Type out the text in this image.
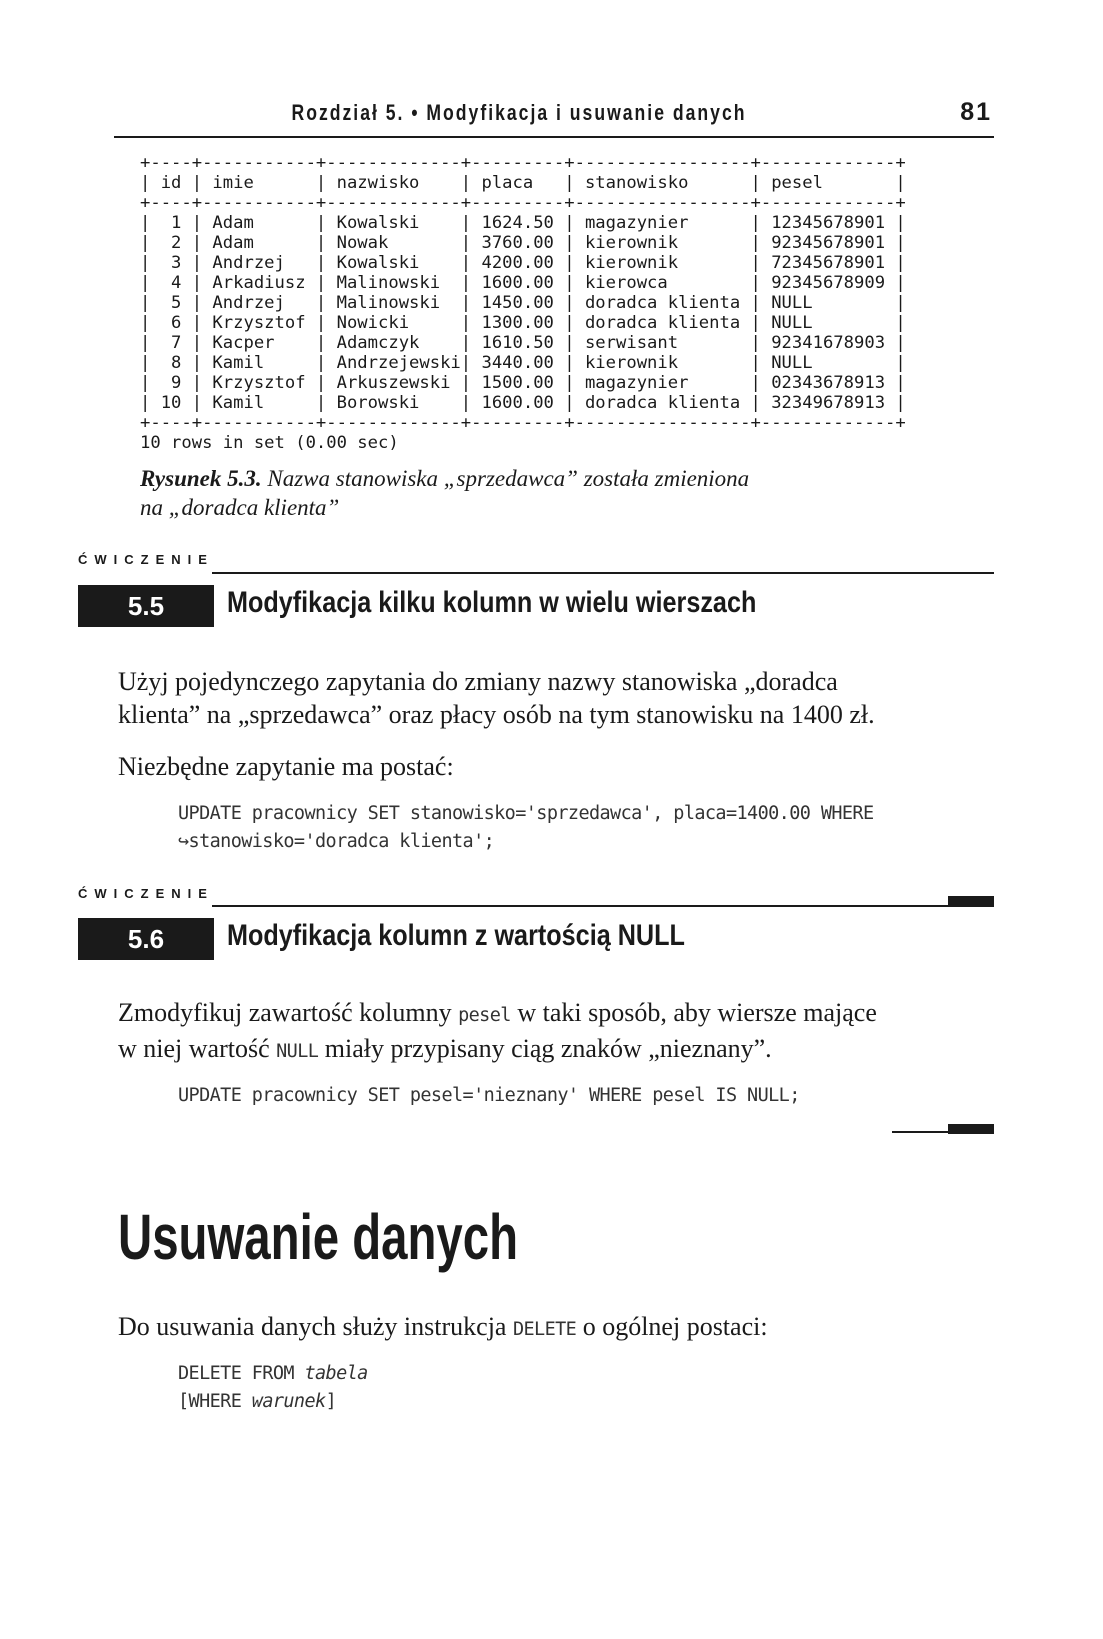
Rozdział 5. • Modyfikacja i usuwanie danych	81
+----+-----------+-------------+---------+-----------------+-------------+
| id | imie      | nazwisko    | placa   | stanowisko      | pesel       |
+----+-----------+-------------+---------+-----------------+-------------+
|  1 | Adam      | Kowalski    | 1624.50 | magazynier      | 12345678901 |
|  2 | Adam      | Nowak       | 3760.00 | kierownik       | 92345678901 |
|  3 | Andrzej   | Kowalski    | 4200.00 | kierownik       | 72345678901 |
|  4 | Arkadiusz | Malinowski  | 1600.00 | kierowca        | 92345678909 |
|  5 | Andrzej   | Malinowski  | 1450.00 | doradca klienta | NULL        |
|  6 | Krzysztof | Nowicki     | 1300.00 | doradca klienta | NULL        |
|  7 | Kacper    | Adamczyk    | 1610.50 | serwisant       | 92341678903 |
|  8 | Kamil     | Andrzejewski| 3440.00 | kierownik       | NULL        |
|  9 | Krzysztof | Arkuszewski | 1500.00 | magazynier      | 02343678913 |
| 10 | Kamil     | Borowski    | 1600.00 | doradca klienta | 32349678913 |
+----+-----------+-------------+---------+-----------------+-------------+
10 rows in set (0.00 sec)
Rysunek 5.3. Nazwa stanowiska „sprzedawca” została zmieniona
na „doradca klienta”
ĆWICZENIE
5.5	Modyfikacja kilku kolumn w wielu wierszach

Użyj pojedynczego zapytania do zmiany nazwy stanowiska „doradca
klienta” na „sprzedawca” oraz płacy osób na tym stanowisku na 1400 zł.

Niezbędne zapytanie ma postać:

UPDATE pracownicy SET stanowisko='sprzedawca', placa=1400.00 WHERE
↪stanowisko='doradca klienta';
ĆWICZENIE
5.6	Modyfikacja kolumn z wartością NULL

Zmodyfikuj zawartość kolumny pesel w taki sposób, aby wiersze mające
w niej wartość NULL miały przypisany ciąg znaków „nieznany”.

UPDATE pracownicy SET pesel='nieznany' WHERE pesel IS NULL;
Usuwanie danych

Do usuwania danych służy instrukcja DELETE o ogólnej postaci:

DELETE FROM tabela
[WHERE warunek]
